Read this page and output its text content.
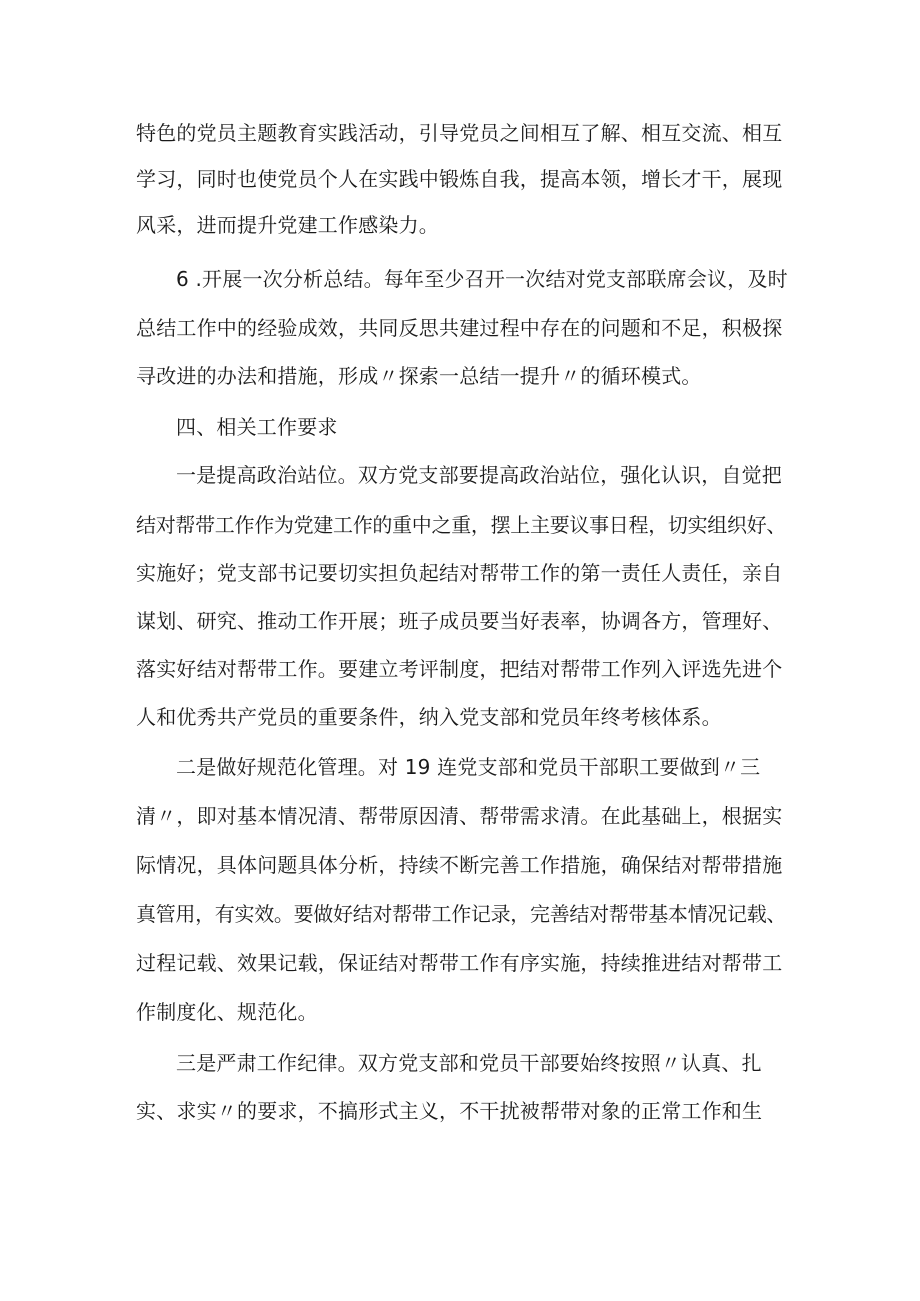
特色的党员主题教育实践活动，引导党员之间相互了解、相互交流、相互
学习，同时也使党员个人在实践中锻炼自我，提高本领，增长才干，展现
风采，进而提升党建工作感染力。
6 .开展一次分析总结。每年至少召开一次结对党支部联席会议，及时
总结工作中的经验成效，共同反思共建过程中存在的问题和不足，积极探
寻改进的办法和措施，形成〃探索一总结一提升〃的循环模式。
四、相关工作要求
一是提高政治站位。双方党支部要提高政治站位，强化认识，自觉把
结对帮带工作作为党建工作的重中之重，摆上主要议事日程，切实组织好、
实施好；党支部书记要切实担负起结对帮带工作的第一责任人责任，亲自
谋划、研究、推动工作开展；班子成员要当好表率，协调各方，管理好、
落实好结对帮带工作。要建立考评制度，把结对帮带工作列入评选先进个
人和优秀共产党员的重要条件，纳入党支部和党员年终考核体系。
二是做好规范化管理。对 19 连党支部和党员干部职工要做到〃三
清〃，即对基本情况清、帮带原因清、帮带需求清。在此基础上，根据实
际情况，具体问题具体分析，持续不断完善工作措施，确保结对帮带措施
真管用，有实效。要做好结对帮带工作记录，完善结对帮带基本情况记载、
过程记载、效果记载，保证结对帮带工作有序实施，持续推进结对帮带工
作制度化、规范化。
三是严肃工作纪律。双方党支部和党员干部要始终按照〃认真、扎
实、求实〃的要求，不搞形式主义，不干扰被帮带对象的正常工作和生
